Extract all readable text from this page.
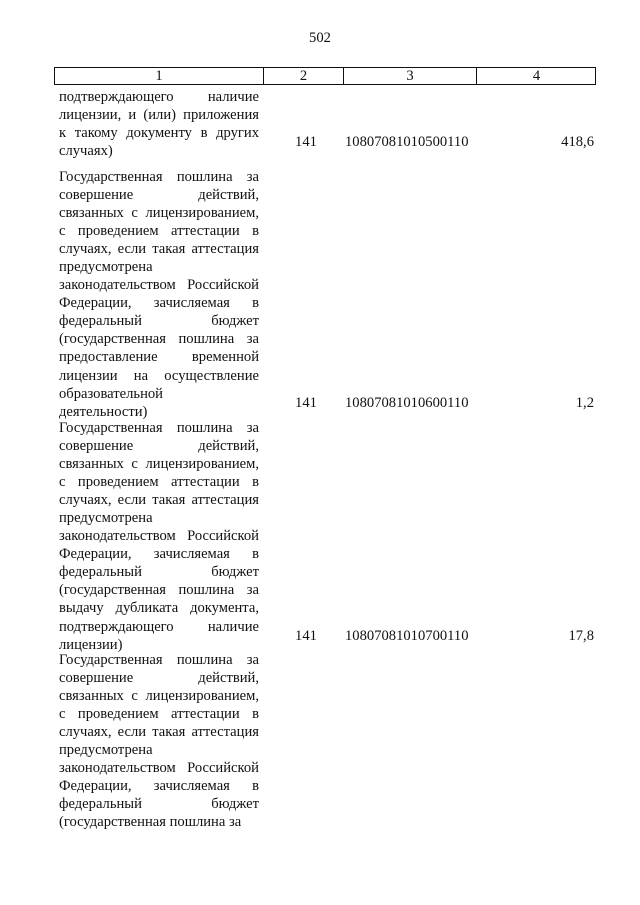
502
1	2	3	4
подтверждающего наличие
лицензии, и (или) приложения
к такому документу в других
случаях)
141 10807081010500110	418,6
Государственная пошлина за
совершение действий,
связанных с лицензированием,
с проведением аттестации в
случаях, если такая аттестация
предусмотрена
законодательством Российской
Федерации, зачисляемая в
федеральный бюджет
(государственная пошлина за
предоставление временной
лицензии на осуществление
образовательной
деятельности)
141 10807081010600110	1,2
Государственная пошлина за
совершение действий,
связанных с лицензированием,
с проведением аттестации в
случаях, если такая аттестация
предусмотрена
законодательством Российской
Федерации, зачисляемая в
федеральный бюджет
(государственная пошлина за
выдачу дубликата документа,
подтверждающего наличие
лицензии)
141 10807081010700110	17,8
Государственная пошлина за
совершение действий,
связанных с лицензированием,
с проведением аттестации в
случаях, если такая аттестация
предусмотрена
законодательством Российской
Федерации, зачисляемая в
федеральный бюджет
(государственная пошлина за
